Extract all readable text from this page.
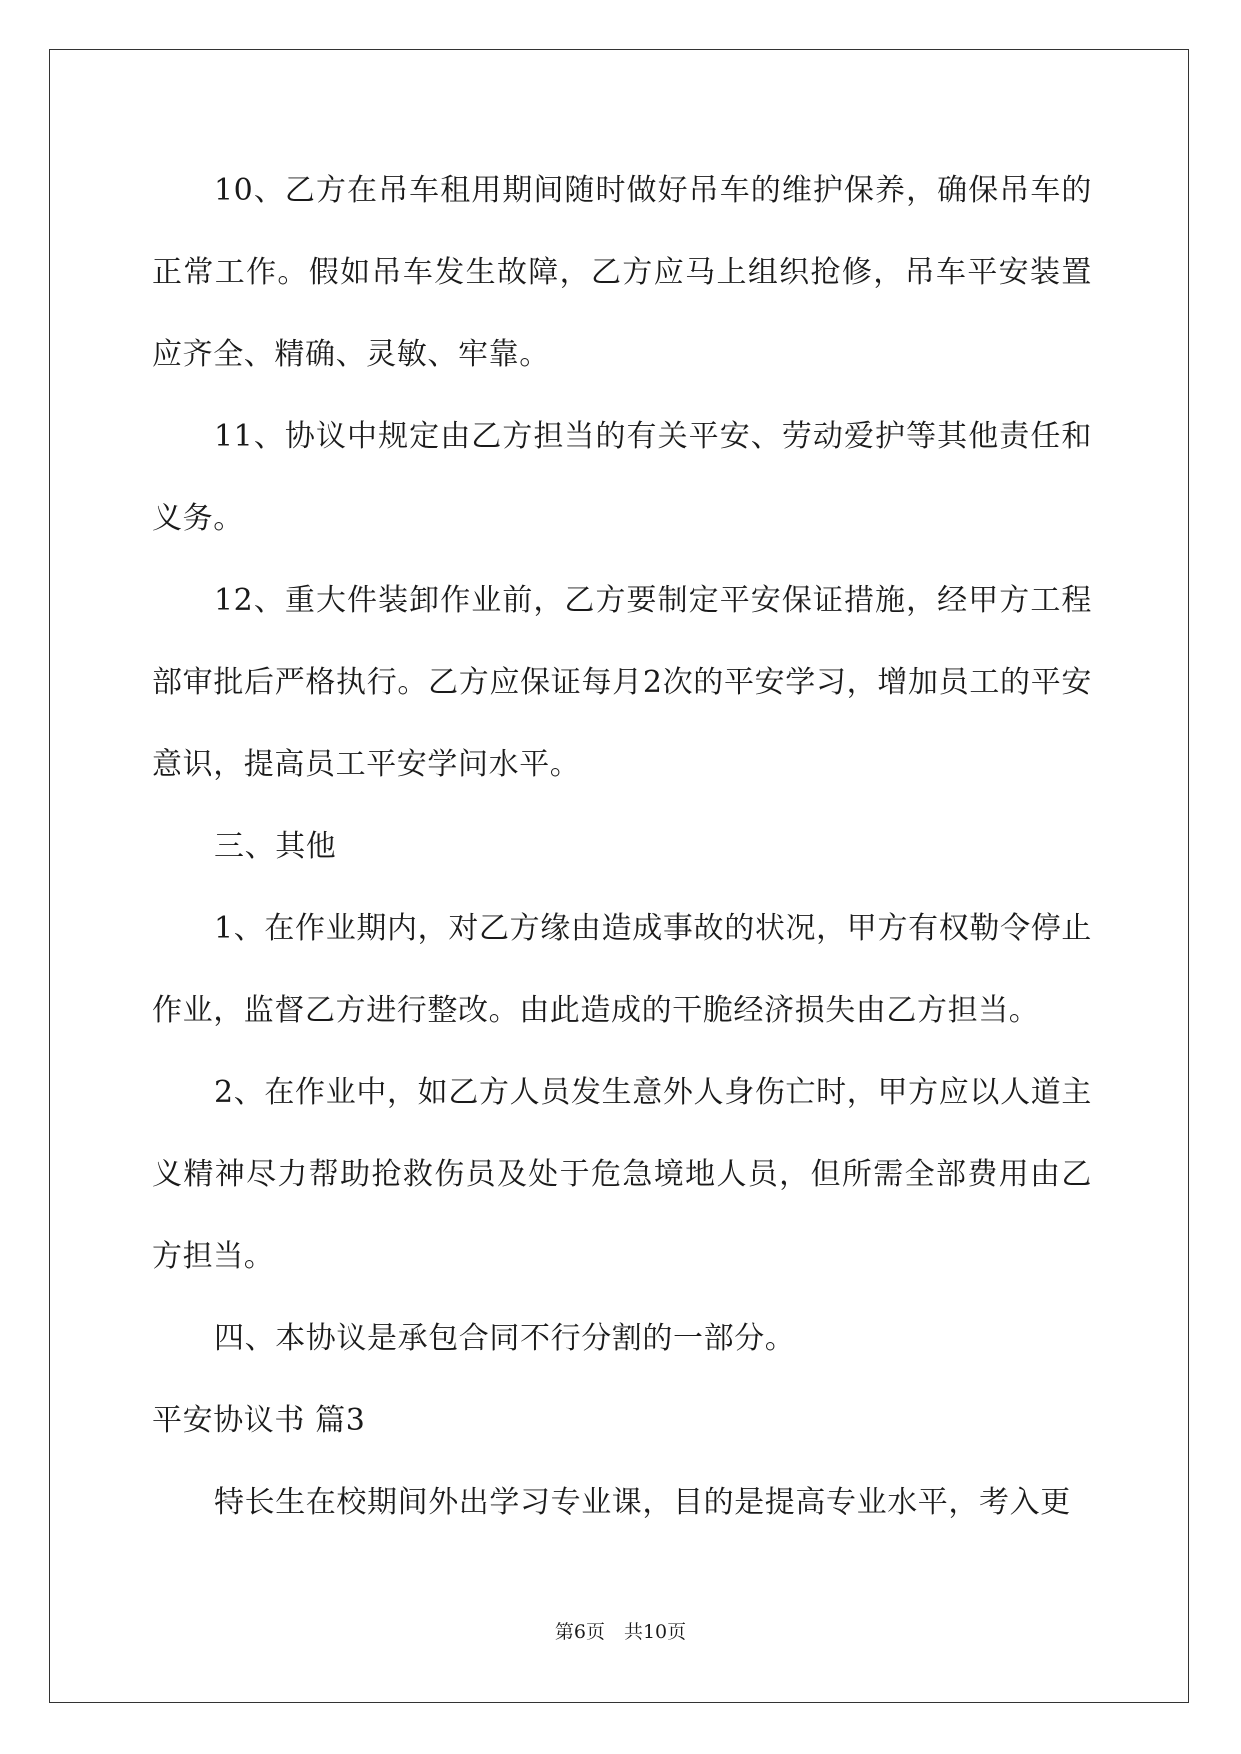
10、乙方在吊车租用期间随时做好吊车的维护保养，确保吊车的正常工作。假如吊车发生故障，乙方应马上组织抢修，吊车平安装置应齐全、精确、灵敏、牢靠。

11、协议中规定由乙方担当的有关平安、劳动爱护等其他责任和义务。

12、重大件装卸作业前，乙方要制定平安保证措施，经甲方工程部审批后严格执行。乙方应保证每月2次的平安学习，增加员工的平安意识，提高员工平安学问水平。

三、其他

1、在作业期内，对乙方缘由造成事故的状况，甲方有权勒令停止作业，监督乙方进行整改。由此造成的干脆经济损失由乙方担当。

2、在作业中，如乙方人员发生意外人身伤亡时，甲方应以人道主义精神尽力帮助抢救伤员及处于危急境地人员，但所需全部费用由乙方担当。

四、本协议是承包合同不行分割的一部分。

平安协议书 篇3

特长生在校期间外出学习专业课，目的是提高专业水平，考入更

第6页　共10页
